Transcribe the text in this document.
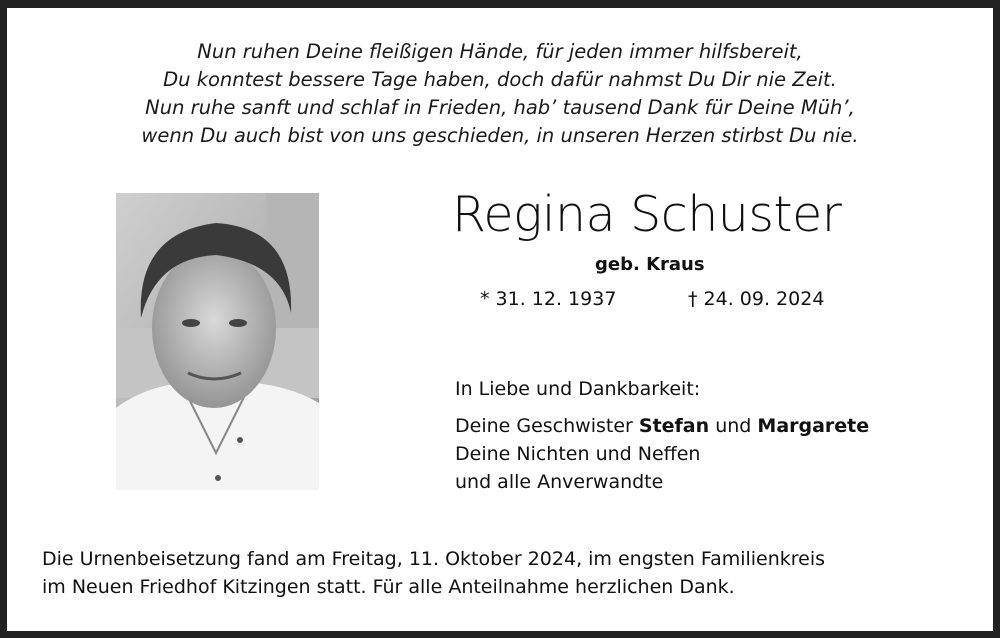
Nun ruhen Deine fleißigen Hände, für jeden immer hilfsbereit,
Du konntest bessere Tage haben, doch dafür nahmst Du Dir nie Zeit.
Nun ruhe sanft und schlaf in Frieden, hab’ tausend Dank für Deine Müh’,
wenn Du auch bist von uns geschieden, in unseren Herzen stirbst Du nie.
Regina Schuster
geb. Kraus
* 31. 12. 1937	† 24. 09. 2024
In Liebe und Dankbarkeit:
Deine Geschwister Stefan und Margarete
Deine Nichten und Neffen
und alle Anverwandte
Die Urnenbeisetzung fand am Freitag, 11. Oktober 2024, im engsten Familienkreis
im Neuen Friedhof Kitzingen statt. Für alle Anteilnahme herzlichen Dank.
